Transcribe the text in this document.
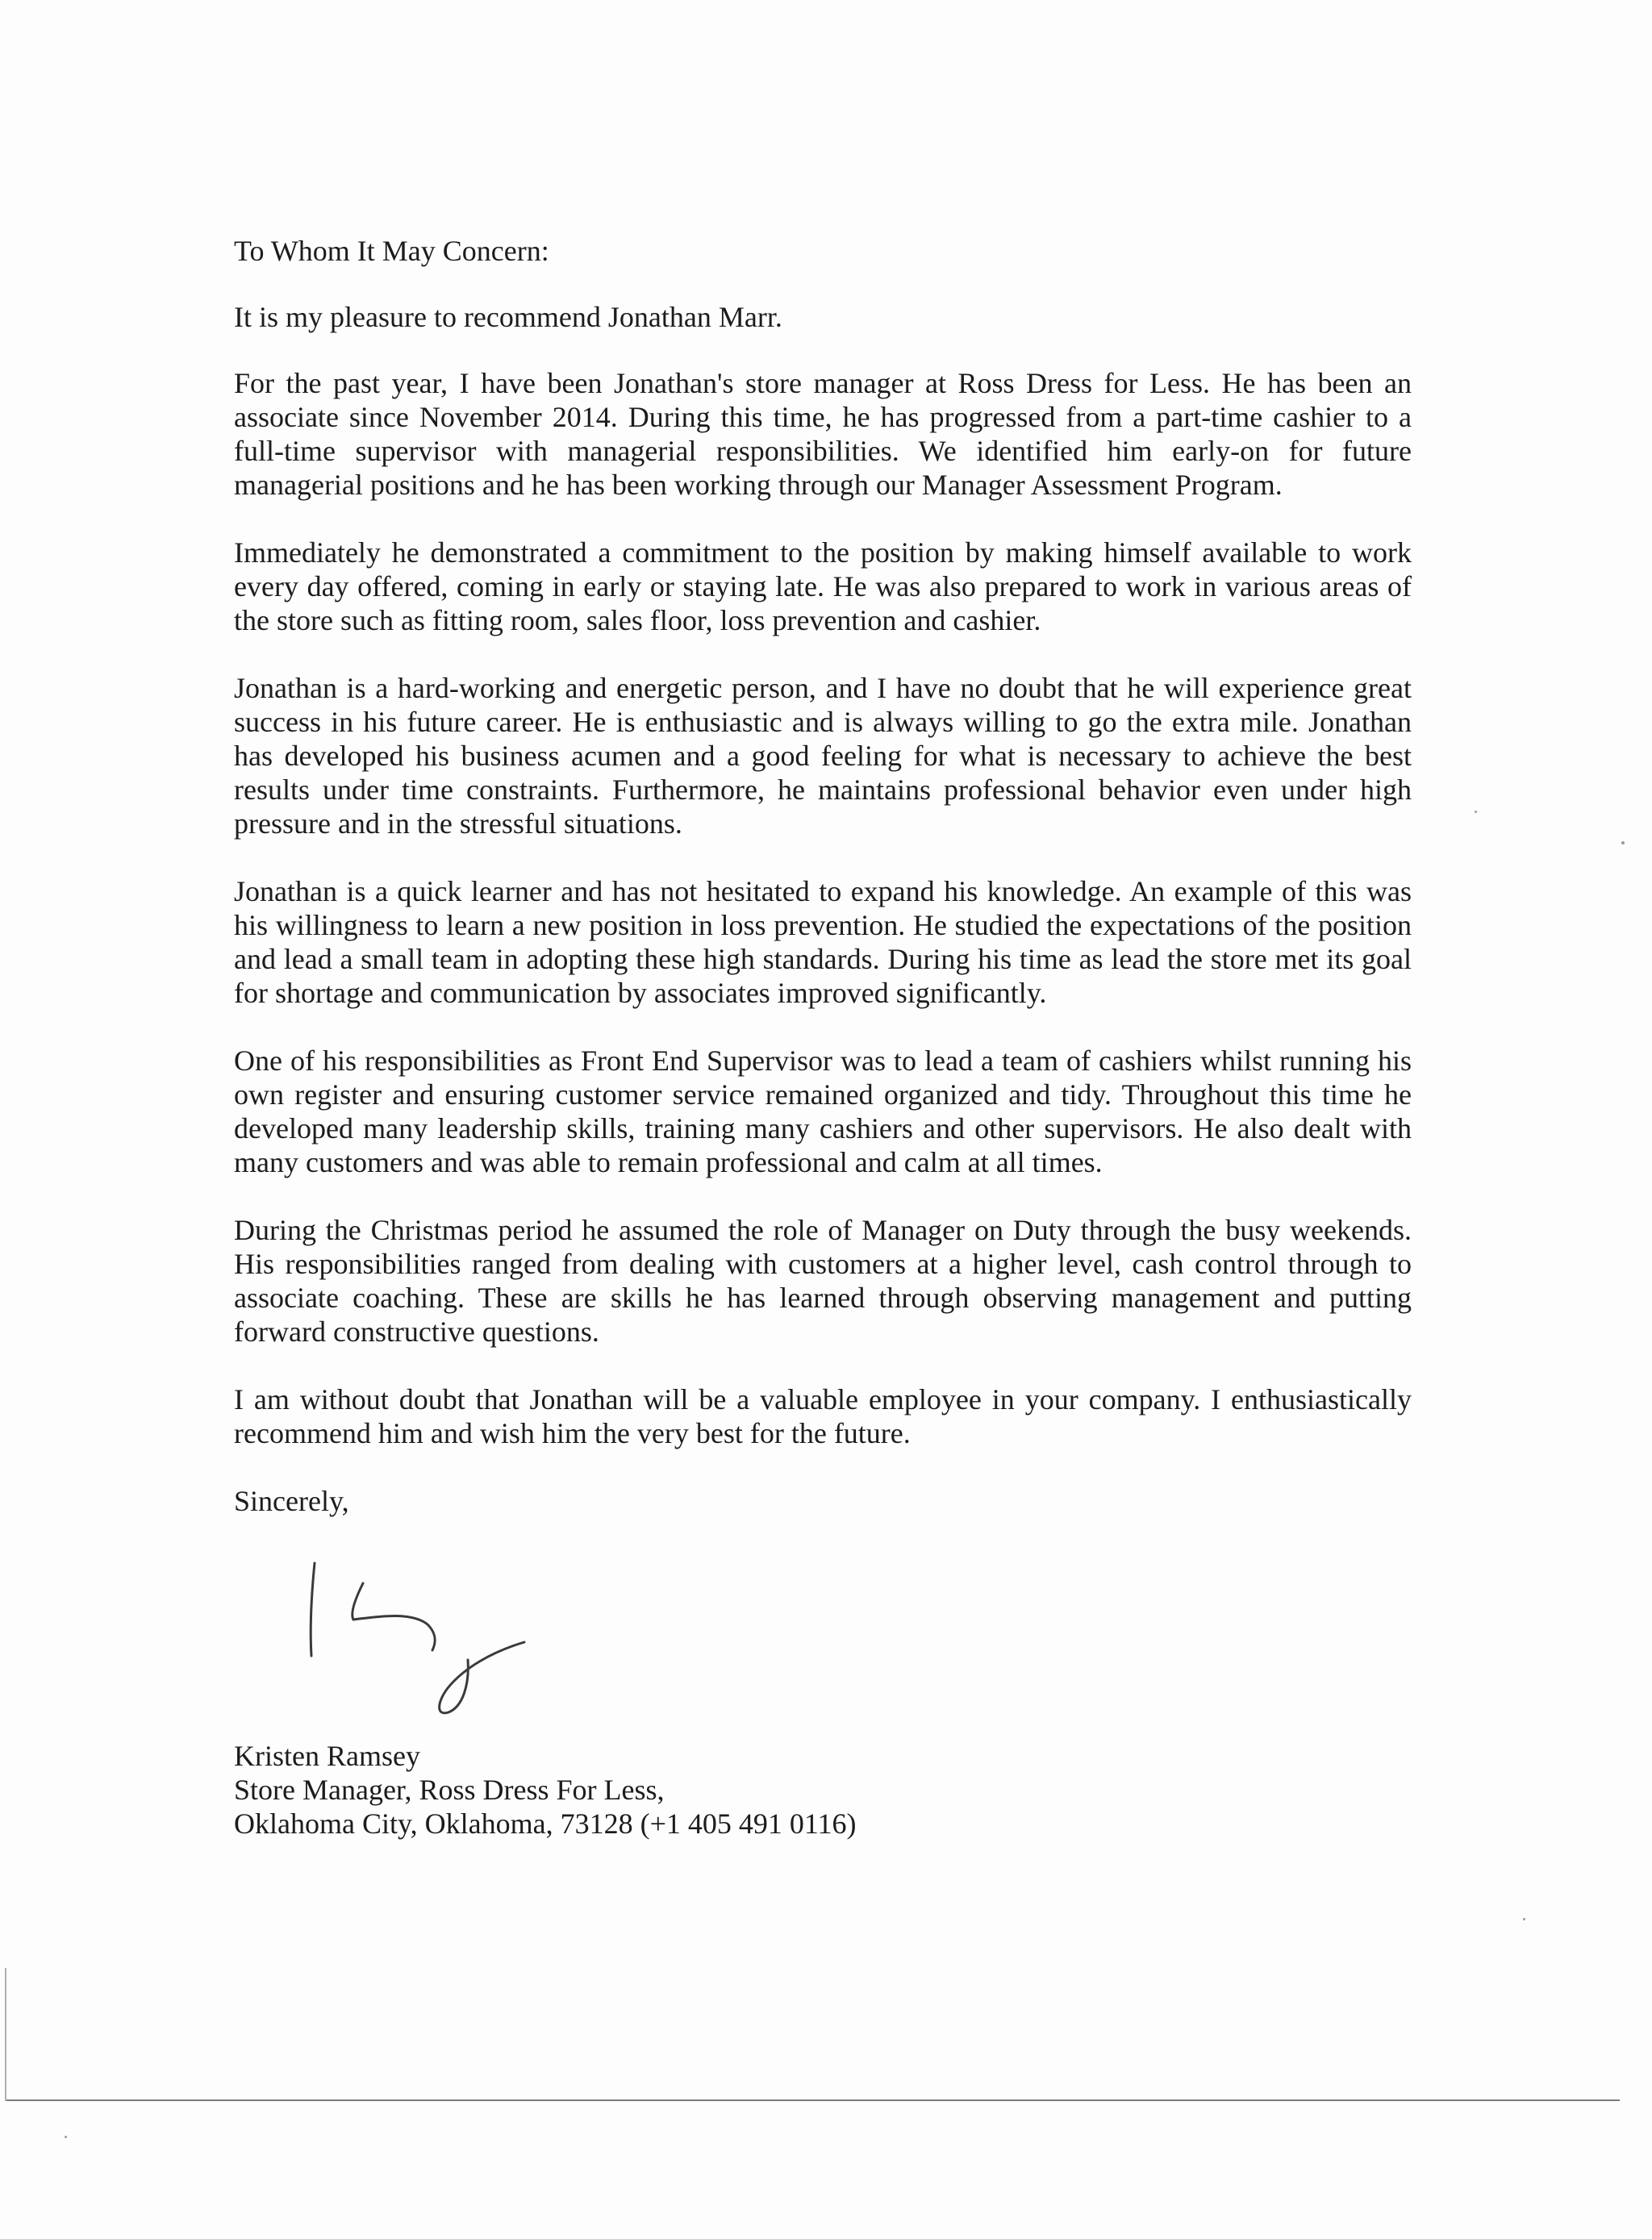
To Whom It May Concern:

It is my pleasure to recommend Jonathan Marr.

For the past year, I have been Jonathan's store manager at Ross Dress for Less. He has been an associate since November 2014. During this time, he has progressed from a part-time cashier to a full-time supervisor with managerial responsibilities. We identified him early-on for future managerial positions and he has been working through our Manager Assessment Program.

Immediately he demonstrated a commitment to the position by making himself available to work every day offered, coming in early or staying late. He was also prepared to work in various areas of the store such as fitting room, sales floor, loss prevention and cashier.

Jonathan is a hard-working and energetic person, and I have no doubt that he will experience great success in his future career. He is enthusiastic and is always willing to go the extra mile. Jonathan has developed his business acumen and a good feeling for what is necessary to achieve the best results under time constraints. Furthermore, he maintains professional behavior even under high pressure and in the stressful situations.

Jonathan is a quick learner and has not hesitated to expand his knowledge. An example of this was his willingness to learn a new position in loss prevention. He studied the expectations of the position and lead a small team in adopting these high standards. During his time as lead the store met its goal for shortage and communication by associates improved significantly.

One of his responsibilities as Front End Supervisor was to lead a team of cashiers whilst running his own register and ensuring customer service remained organized and tidy. Throughout this time he developed many leadership skills, training many cashiers and other supervisors. He also dealt with many customers and was able to remain professional and calm at all times.

During the Christmas period he assumed the role of Manager on Duty through the busy weekends. His responsibilities ranged from dealing with customers at a higher level, cash control through to associate coaching. These are skills he has learned through observing management and putting forward constructive questions.

I am without doubt that Jonathan will be a valuable employee in your company. I enthusiastically recommend him and wish him the very best for the future.

Sincerely,

Kristen Ramsey
Store Manager, Ross Dress For Less,
Oklahoma City, Oklahoma, 73128 (+1 405 491 0116)
